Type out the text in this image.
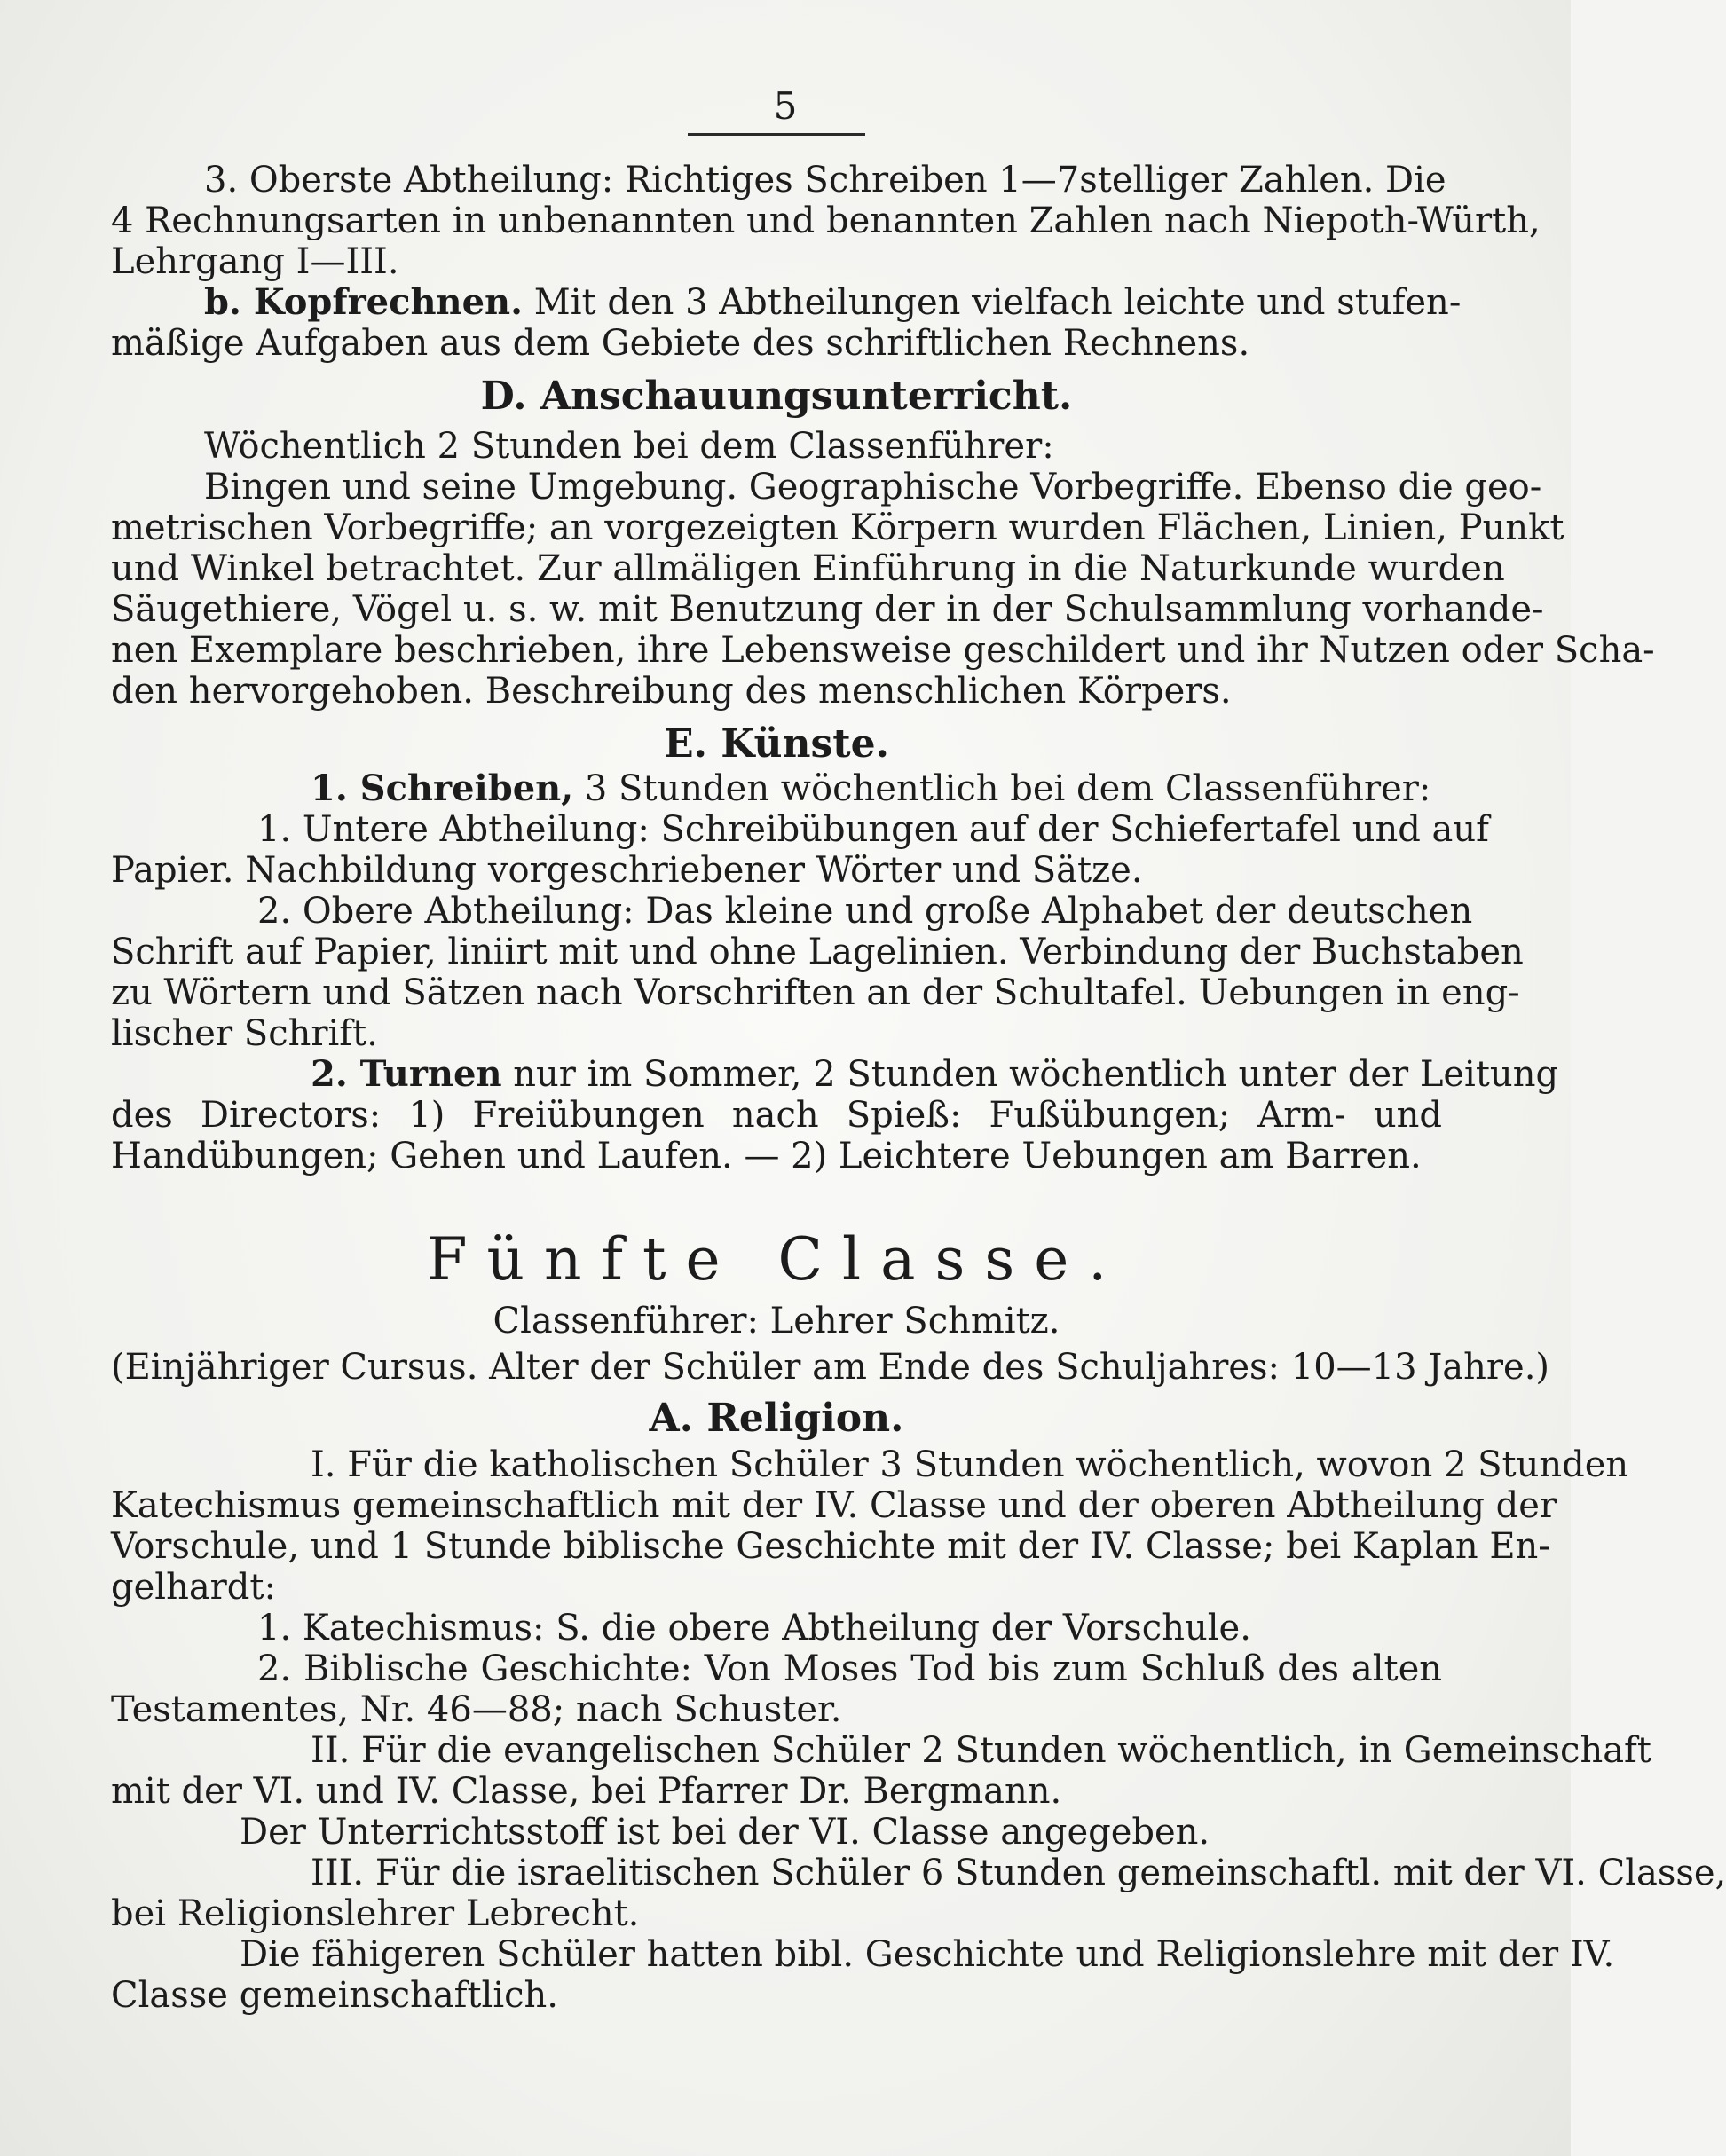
5
3. Oberste Abtheilung: Richtiges Schreiben 1—7stelliger Zahlen. Die
4 Rechnungsarten in unbenannten und benannten Zahlen nach Niepoth-Würth,
Lehrgang I—III.
b. Kopfrechnen. Mit den 3 Abtheilungen vielfach leichte und stufen-
mäßige Aufgaben aus dem Gebiete des schriftlichen Rechnens.
D. Anschauungsunterricht.
Wöchentlich 2 Stunden bei dem Classenführer:
Bingen und seine Umgebung. Geographische Vorbegriffe. Ebenso die geo-
metrischen Vorbegriffe; an vorgezeigten Körpern wurden Flächen, Linien, Punkt
und Winkel betrachtet. Zur allmäligen Einführung in die Naturkunde wurden
Säugethiere, Vögel u. s. w. mit Benutzung der in der Schulsammlung vorhande-
nen Exemplare beschrieben, ihre Lebensweise geschildert und ihr Nutzen oder Scha-
den hervorgehoben. Beschreibung des menschlichen Körpers.
E. Künste.
1. Schreiben, 3 Stunden wöchentlich bei dem Classenführer:
1. Untere Abtheilung: Schreibübungen auf der Schiefertafel und auf
Papier. Nachbildung vorgeschriebener Wörter und Sätze.
2. Obere Abtheilung: Das kleine und große Alphabet der deutschen
Schrift auf Papier, liniirt mit und ohne Lagelinien. Verbindung der Buchstaben
zu Wörtern und Sätzen nach Vorschriften an der Schultafel. Uebungen in eng-
lischer Schrift.
2. Turnen nur im Sommer, 2 Stunden wöchentlich unter der Leitung
des Directors: 1) Freiübungen nach Spieß: Fußübungen; Arm- und
Handübungen; Gehen und Laufen. — 2) Leichtere Uebungen am Barren.
Fünfte Classe.
Classenführer: Lehrer Schmitz.
(Einjähriger Cursus. Alter der Schüler am Ende des Schuljahres: 10—13 Jahre.)
A. Religion.
I. Für die katholischen Schüler 3 Stunden wöchentlich, wovon 2 Stunden
Katechismus gemeinschaftlich mit der IV. Classe und der oberen Abtheilung der
Vorschule, und 1 Stunde biblische Geschichte mit der IV. Classe; bei Kaplan En-
gelhardt:
1. Katechismus: S. die obere Abtheilung der Vorschule.
2. Biblische Geschichte: Von Moses Tod bis zum Schluß des alten
Testamentes, Nr. 46—88; nach Schuster.
II. Für die evangelischen Schüler 2 Stunden wöchentlich, in Gemeinschaft
mit der VI. und IV. Classe, bei Pfarrer Dr. Bergmann.
Der Unterrichtsstoff ist bei der VI. Classe angegeben.
III. Für die israelitischen Schüler 6 Stunden gemeinschaftl. mit der VI. Classe,
bei Religionslehrer Lebrecht.
Die fähigeren Schüler hatten bibl. Geschichte und Religionslehre mit der IV.
Classe gemeinschaftlich.
